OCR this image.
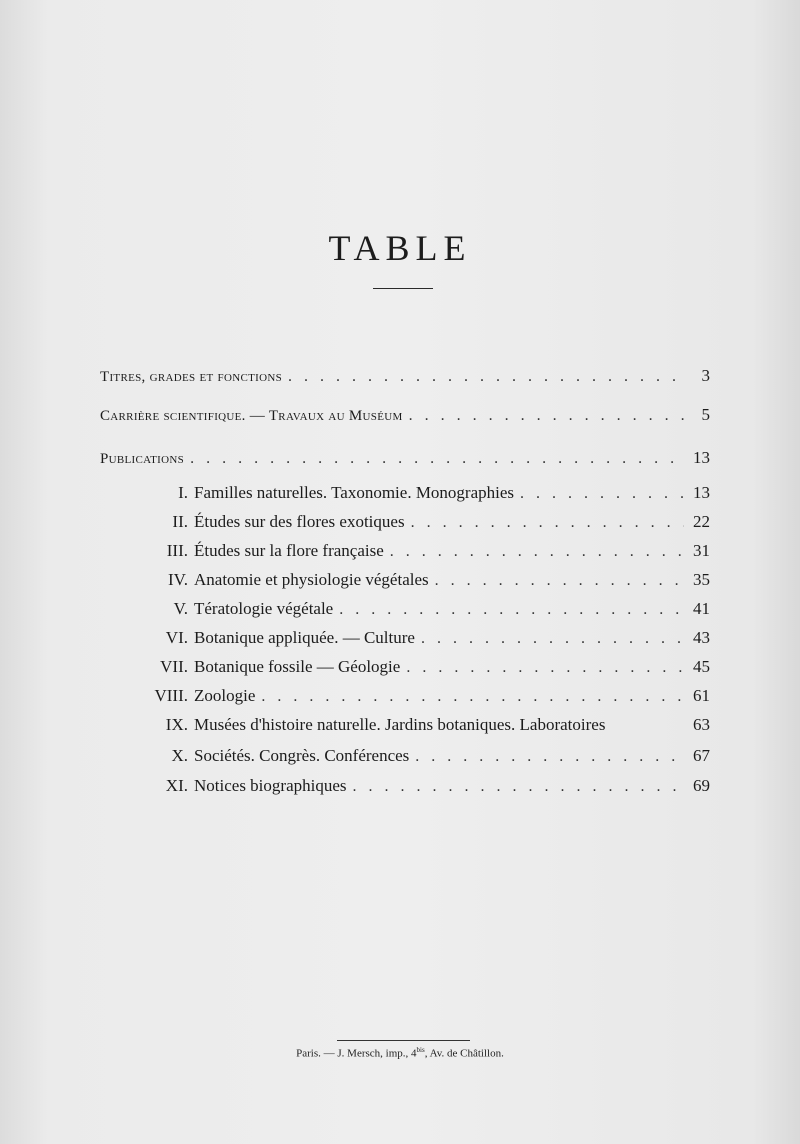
TABLE
Titres, grades et fonctions . . .	3
Carrière scientifique. — Travaux au Muséum . . .	5
Publications . . .	13
I. Familles naturelles. Taxonomie. Monographies . . .	13
II. Études sur des flores exotiques . . .	22
III. Études sur la flore française . . .	31
IV. Anatomie et physiologie végétales . . .	35
V. Tératologie végétale . . .	41
VI. Botanique appliquée. — Culture . . .	43
VII. Botanique fossile — Géologie . . .	45
VIII. Zoologie . . .	61
IX. Musées d'histoire naturelle. Jardins botaniques. Laboratoires	63
X. Sociétés. Congrès. Conférences . . .	67
XI. Notices biographiques . . .	69
Paris. — J. Mersch, imp., $4^{bis}$, Av. de Châtillon.
